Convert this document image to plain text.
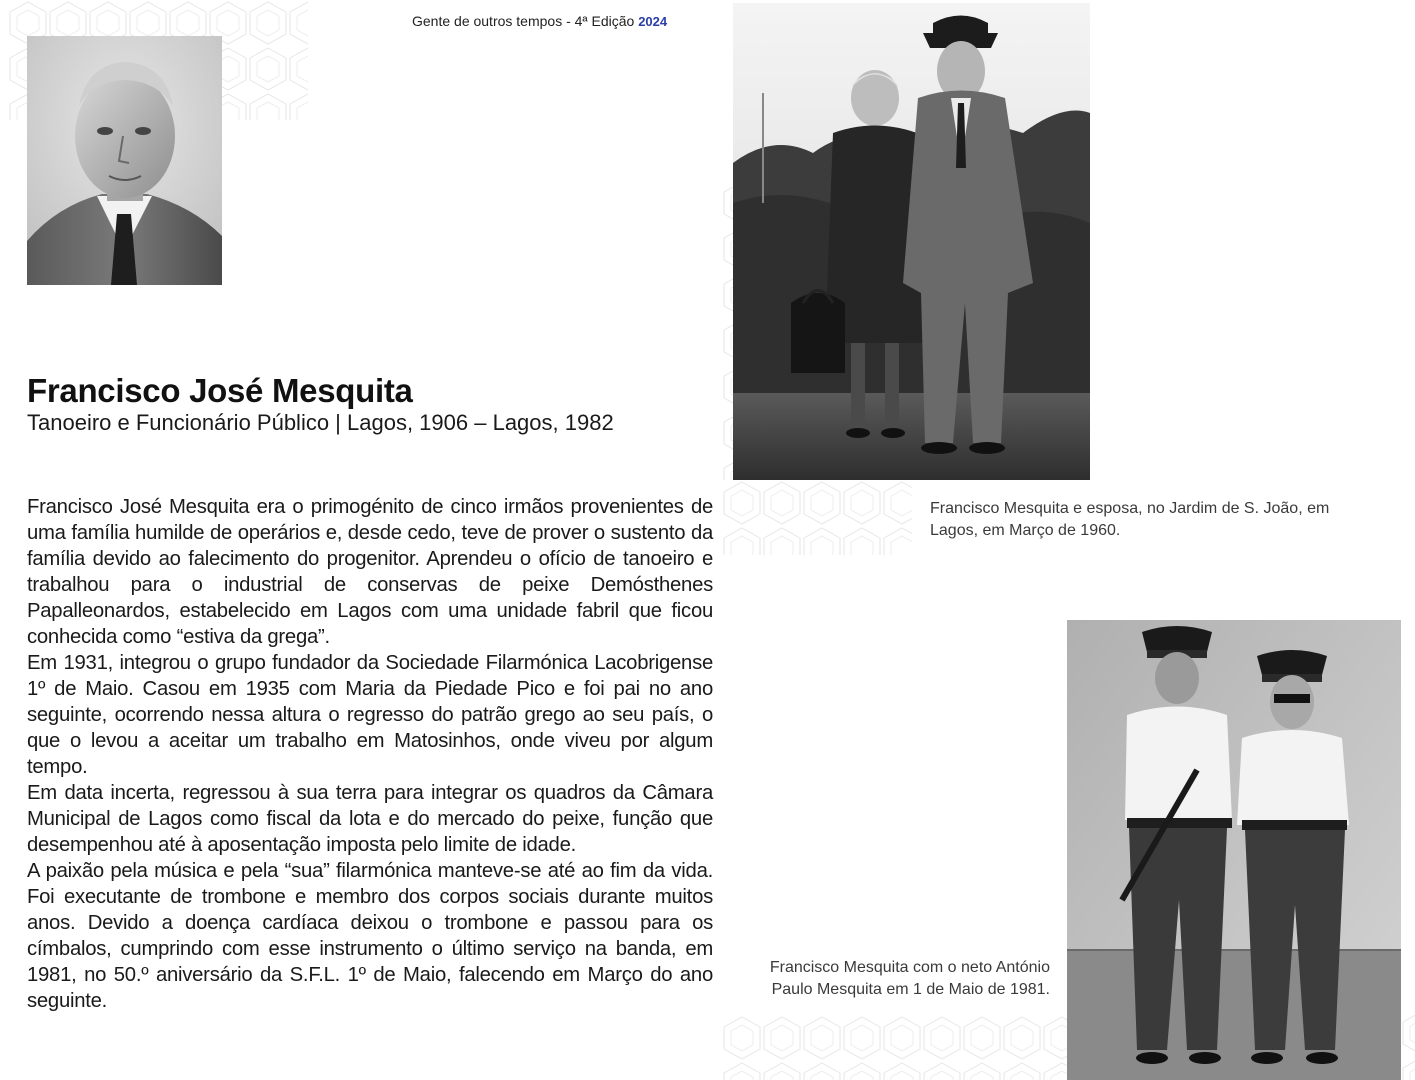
Gente de outros tempos - 4ª Edição 2024
Francisco José Mesquita
Tanoeiro e Funcionário Público | Lagos, 1906 – Lagos, 1982

Francisco José Mesquita era o primogénito de cinco irmãos provenientes de uma família humilde de operários e, desde cedo, teve de prover o sustento da família devido ao falecimento do progenitor. Aprendeu o ofício de tanoeiro e trabalhou para o industrial de conservas de peixe Demósthenes Papalleonardos, estabelecido em Lagos com uma unidade fabril que ficou conhecida como “estiva da grega”.

Em 1931, integrou o grupo fundador da Sociedade Filarmónica Lacobrigense 1º de Maio. Casou em 1935 com Maria da Piedade Pico e foi pai no ano seguinte, ocorrendo nessa altura o regresso do patrão grego ao seu país, o que o levou a aceitar um trabalho em Matosinhos, onde viveu por algum tempo.

Em data incerta, regressou à sua terra para integrar os quadros da Câmara Municipal de Lagos como fiscal da lota e do mercado do peixe, função que desempenhou até à aposentação imposta pelo limite de idade.

A paixão pela música e pela “sua” filarmónica manteve-se até ao fim da vida. Foi executante de trombone e membro dos corpos sociais durante muitos anos. Devido a doença cardíaca deixou o trombone e passou para os címbalos, cumprindo com esse instrumento o último serviço na banda, em 1981, no 50.º aniversário da S.F.L. 1º de Maio, falecendo em Março do ano seguinte.

Francisco Mesquita e esposa, no Jardim de S. João, em Lagos, em Março de 1960.
Francisco Mesquita com o neto António Paulo Mesquita em 1 de Maio de 1981.
